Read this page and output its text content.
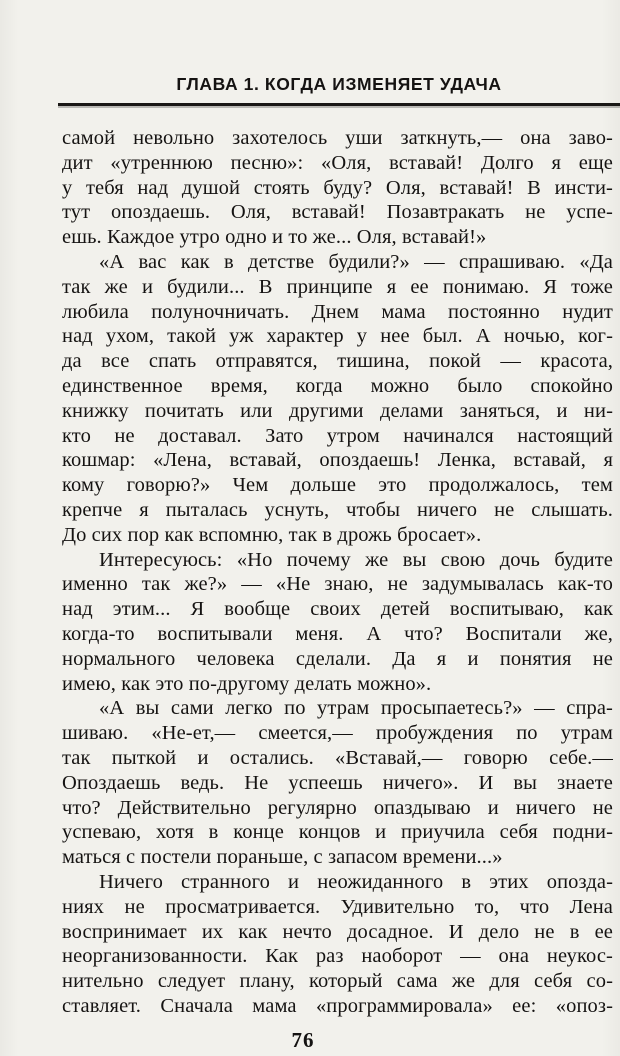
ГЛАВА 1. КОГДА ИЗМЕНЯЕТ УДАЧА
самой невольно захотелось уши заткнуть,— она заво-
дит «утреннюю песню»: «Оля, вставай! Долго я еще
у тебя над душой стоять буду? Оля, вставай! В инсти-
тут опоздаешь. Оля, вставай! Позавтракать не успе-
ешь. Каждое утро одно и то же... Оля, вставай!»
«А вас как в детстве будили?» — спрашиваю. «Да
так же и будили... В принципе я ее понимаю. Я тоже
любила полуночничать. Днем мама постоянно нудит
над ухом, такой уж характер у нее был. А ночью, ког-
да все спать отправятся, тишина, покой — красота,
единственное время, когда можно было спокойно
книжку почитать или другими делами заняться, и ни-
кто не доставал. Зато утром начинался настоящий
кошмар: «Лена, вставай, опоздаешь! Ленка, вставай, я
кому говорю?» Чем дольше это продолжалось, тем
крепче я пыталась уснуть, чтобы ничего не слышать.
До сих пор как вспомню, так в дрожь бросает».
Интересуюсь: «Но почему же вы свою дочь будите
именно так же?» — «Не знаю, не задумывалась как-то
над этим... Я вообще своих детей воспитываю, как
когда-то воспитывали меня. А что? Воспитали же,
нормального человека сделали. Да я и понятия не
имею, как это по-другому делать можно».
«А вы сами легко по утрам просыпаетесь?» — спра-
шиваю. «Не-ет,— смеется,— пробуждения по утрам
так пыткой и остались. «Вставай,— говорю себе.—
Опоздаешь ведь. Не успеешь ничего». И вы знаете
что? Действительно регулярно опаздываю и ничего не
успеваю, хотя в конце концов и приучила себя подни-
маться с постели пораньше, с запасом времени...»
Ничего странного и неожиданного в этих опозда-
ниях не просматривается. Удивительно то, что Лена
воспринимает их как нечто досадное. И дело не в ее
неорганизованности. Как раз наоборот — она неукос-
нительно следует плану, который сама же для себя со-
ставляет. Сначала мама «программировала» ее: «опоз-
76
